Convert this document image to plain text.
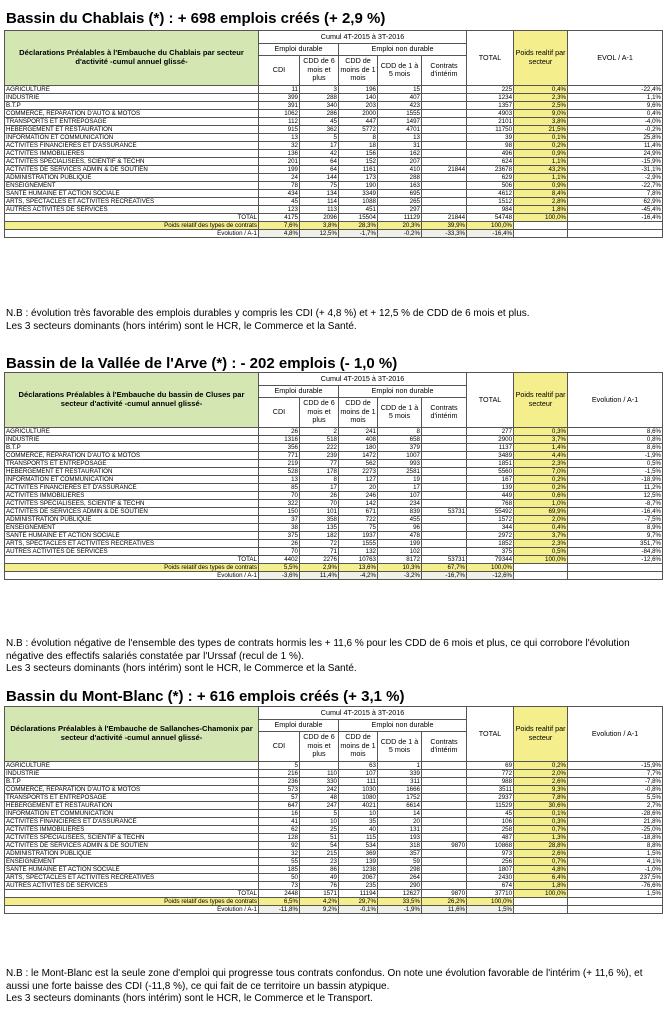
Bassin du Chablais (*) : + 698 emplois créés (+ 2,9 %)
Déclarations Préalables à l'Embauche du Chablais par secteur d'activité -cumul annuel glissé-	Cumul 4T-2015 à 3T-2016					TOTAL	Poids realtif par secteur	EVOL / A-1
	Emploi durable		Emploi non durable					
	CDI	CDD de 6 mois et plus	CDD de moins de 1 mois	CDD de 1 à 5 mois	Contrats d'intérim			
AGRICULTURE	11	3	196	15		225	0,4%	-22,4%
INDUSTRIE	399	288	140	407		1234	2,3%	1,1%
B.T.P	391	340	203	423		1357	2,5%	9,6%
COMMERCE, REPARATION D'AUTO & MOTOS	1062	286	2000	1555		4903	9,0%	0,4%
TRANSPORTS ET ENTREPOSAGE	112	45	447	1497		2101	3,8%	-4,0%
HEBERGEMENT ET RESTAURATION	915	362	5772	4701		11750	21,5%	-0,2%
INFORMATION ET COMMUNICATION	13	5	8	13		39	0,1%	25,8%
ACTIVITES FINANCIERES ET D'ASSURANCE	32	17	18	31		98	0,2%	11,4%
ACTIVITES IMMOBILIERES	136	42	156	162		496	0,9%	24,9%
ACTIVITES SPECIALISEES, SCIENTIF & TECHN	201	64	152	207		624	1,1%	-15,9%
ACTIVITES DE SERVICES ADMIN & DE SOUTIEN	199	64	1161	410	21844	23678	43,2%	-31,1%
ADMINISTRATION PUBLIQUE	24	144	173	288		629	1,1%	-2,9%
ENSEIGNEMENT	78	75	190	163		506	0,9%	-22,7%
SANTE HUMAINE ET ACTION SOCIALE	434	134	3349	695		4612	8,4%	7,8%
ARTS, SPECTACLES ET ACTIVITES RECREATIVES	45	114	1088	265		1512	2,8%	62,9%
AUTRES ACTIVITES DE SERVICES	123	113	451	297		984	1,8%	-45,4%
TOTAL	4175	2096	15504	11129	21844	54748	100,0%	-16,4%
Poids relatif des types de contrats	7,6%	3,8%	28,3%	20,3%	39,9%	100,0%		
Evolution / A-1	4,8%	12,5%	-1,7%	-0,2%	-33,3%	-16,4%		
N.B : évolution très favorable des emplois durables y compris les CDI (+ 4,8 %) et + 12,5 % de CDD de 6 mois et plus.
Les 3 secteurs dominants (hors intérim) sont le HCR, le Commerce et la Santé.
Bassin de la Vallée de l'Arve (*) : - 202 emplois (- 1,0 %)
Déclarations Préalables à l'Embauche du bassin de Cluses par secteur d'activité -cumul annuel glissé-	Cumul 4T-2015 à 3T-2016					TOTAL	Poids realtif par secteur	Evolution / A-1
	Emploi durable		Emploi non durable					
	CDI	CDD de 6 mois et plus	CDD de moins de 1 mois	CDD de 1 à 5 mois	Contrats d'intérim			
AGRICULTURE	26	2	241	8		277	0,3%	8,6%
INDUSTRIE	1316	518	408	658		2900	3,7%	0,8%
B.T.P	356	222	180	379		1137	1,4%	8,6%
COMMERCE, REPARATION D'AUTO & MOTOS	771	239	1472	1007		3489	4,4%	-1,9%
TRANSPORTS ET ENTREPOSAGE	219	77	562	993		1851	2,3%	0,5%
HEBERGEMENT ET RESTAURATION	528	178	2273	2581		5560	7,0%	-1,5%
INFORMATION ET COMMUNICATION	13	8	127	19		167	0,2%	-18,9%
ACTIVITES FINANCIERES ET D'ASSURANCE	85	17	20	17		139	0,2%	11,2%
ACTIVITES IMMOBILIERES	70	26	246	107		449	0,6%	12,5%
ACTIVITES SPECIALISEES, SCIENTIF & TECHN	322	70	142	234		768	1,0%	-8,7%
ACTIVITES DE SERVICES ADMIN & DE SOUTIEN	150	101	671	839	53731	55492	69,9%	-16,4%
ADMINISTRATION PUBLIQUE	37	358	722	455		1572	2,0%	-7,5%
ENSEIGNEMENT	38	135	75	96		344	0,4%	8,9%
SANTE HUMAINE ET ACTION SOCIALE	375	182	1937	478		2972	3,7%	9,7%
ARTS, SPECTACLES ET ACTIVITES RECREATIVES	26	72	1555	199		1852	2,3%	351,7%
AUTRES ACTIVITES DE SERVICES	70	71	132	102		375	0,5%	-84,8%
TOTAL	4402	2276	10763	8172	53731	79344	100,0%	-12,6%
Poids relatif des types de contrats	5,5%	2,9%	13,6%	10,3%	67,7%	100,0%		
Evolution / A-1	-3,6%	11,4%	-4,2%	-3,2%	-16,7%	-12,6%		
N.B : évolution négative de l'ensemble des types de contrats hormis les + 11,6 % pour les CDD de 6 mois et plus, ce qui corrobore l'évolution négative des effectifs salariés constatée par l'Urssaf (recul de 1 %).
Les 3 secteurs dominants (hors intérim) sont le HCR, le Commerce et la Santé.
Bassin du Mont-Blanc (*) : + 616 emplois créés (+ 3,1 %)
Déclarations Préalables à l'Embauche de Sallanches-Chamonix par secteur d'activité -cumul annuel glissé-	Cumul 4T-2015 à 3T-2016					TOTAL	Poids realtif par secteur	Evolution / A-1
	Emploi durable		Emploi non durable					
	CDI	CDD de 6 mois et plus	CDD de moins de 1 mois	CDD de 1 à 5 mois	Contrats d'intérim			
AGRICULTURE	5		63	1		69	0,2%	-15,9%
INDUSTRIE	216	110	107	339		772	2,0%	7,7%
B.T.P	236	330	111	311		988	2,6%	-7,8%
COMMERCE, REPARATION D'AUTO & MOTOS	573	242	1030	1666		3511	9,3%	-0,8%
TRANSPORTS ET ENTREPOSAGE	57	48	1080	1752		2937	7,8%	5,5%
HEBERGEMENT ET RESTAURATION	647	247	4021	6614		11529	30,6%	2,7%
INFORMATION ET COMMUNICATION	16	5	10	14		45	0,1%	-28,6%
ACTIVITES FINANCIERES ET D'ASSURANCE	41	10	35	20		106	0,3%	21,8%
ACTIVITES IMMOBILIERES	62	25	40	131		258	0,7%	-25,0%
ACTIVITES SPECIALISEES, SCIENTIF & TECHN	128	51	115	193		487	1,3%	-18,8%
ACTIVITES DE SERVICES ADMIN & DE SOUTIEN	92	54	534	318	9870	10868	28,8%	8,8%
ADMINISTRATION PUBLIQUE	32	215	369	357		973	2,6%	1,5%
ENSEIGNEMENT	55	23	139	59		256	0,7%	4,1%
SANTE HUMAINE ET ACTION SOCIALE	185	86	1238	298		1807	4,8%	-1,0%
ARTS, SPECTACLES ET ACTIVITES RECREATIVES	50	49	2067	264		2430	6,4%	237,5%
AUTRES ACTIVITES DE SERVICES	73	76	235	290		674	1,8%	-76,6%
TOTAL	2448	1571	11194	12627	9870	37710	100,0%	1,5%
Poids relatif des types de contrats	6,5%	4,2%	29,7%	33,5%	26,2%	100,0%		
Evolution / A-1	-11,8%	9,2%	-0,1%	-1,9%	11,6%	1,5%		
N.B : le Mont-Blanc est la seule zone d'emploi qui progresse tous contrats confondus. On note une évolution favorable de l'intérim (+ 11,6 %), et aussi une forte baisse des CDI (-11,8 %), ce qui fait de ce territoire un bassin atypique.
Les 3 secteurs dominants (hors intérim) sont le HCR, le Commerce et le Transport.
